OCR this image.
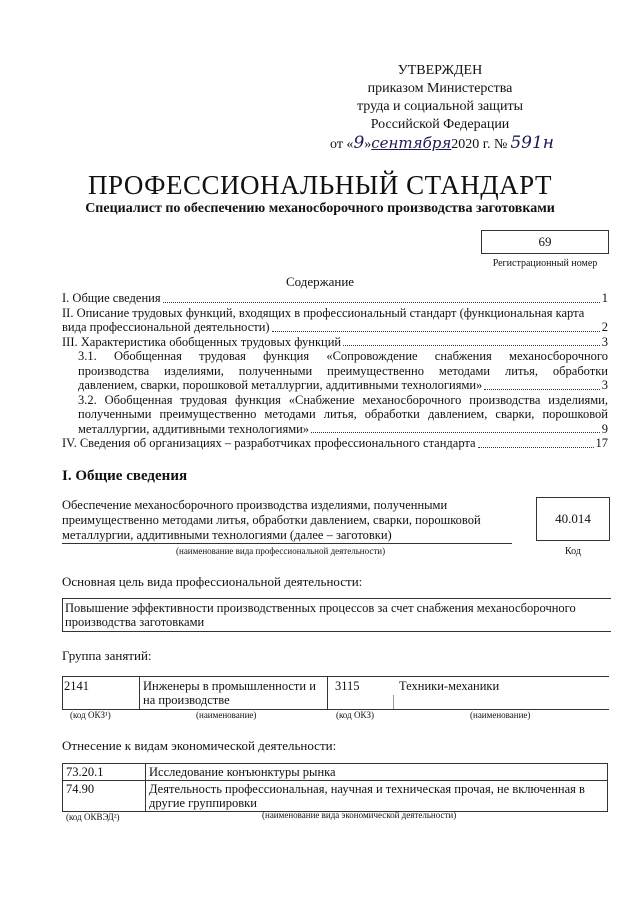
УТВЕРЖДЕН
приказом Министерства
труда и социальной защиты
Российской Федерации
от «9»сентября2020 г. № 591н
ПРОФЕССИОНАЛЬНЫЙ СТАНДАРТ
Специалист по обеспечению механосборочного производства заготовками
69
Регистрационный номер
Содержание
I. Общие сведения	1
II. Описание трудовых функций, входящих в профессиональный стандарт (функциональная карта
вида профессиональной деятельности)	2
III. Характеристика обобщенных трудовых функций	3
3.1. Обобщенная трудовая функция «Сопровождение снабжения механосборочного
производства изделиями, полученными преимущественно методами литья, обработки
давлением, сварки, порошковой металлургии, аддитивными технологиями»	3
3.2. Обобщенная трудовая функция «Снабжение механосборочного производства изделиями,
полученными преимущественно методами литья, обработки давлением, сварки, порошковой
металлургии, аддитивными технологиями»	9
IV. Сведения об организациях – разработчиках профессионального стандарта	17
I. Общие сведения
Обеспечение механосборочного производства изделиями, полученными
преимущественно методами литья, обработки давлением, сварки, порошковой
металлургии, аддитивными технологиями (далее – заготовки)
(наименование вида профессиональной деятельности)
40.014
Код
Основная цель вида профессиональной деятельности:
Повышение эффективности производственных процессов за счет снабжения механосборочного
производства заготовками
Группа занятий:
2141	Инженеры в промышленности и
на производстве
3115	Техники-механики
(код ОКЗ¹)	(наименование)	(код ОКЗ)	(наименование)
Отнесение к видам экономической деятельности:
73.20.1	Исследование конъюнктуры рынка

74.90	Деятельность профессиональная, научная и техническая прочая, не включенная в
другие группировки
(код ОКВЭД²)	(наименование вида экономической деятельности)
